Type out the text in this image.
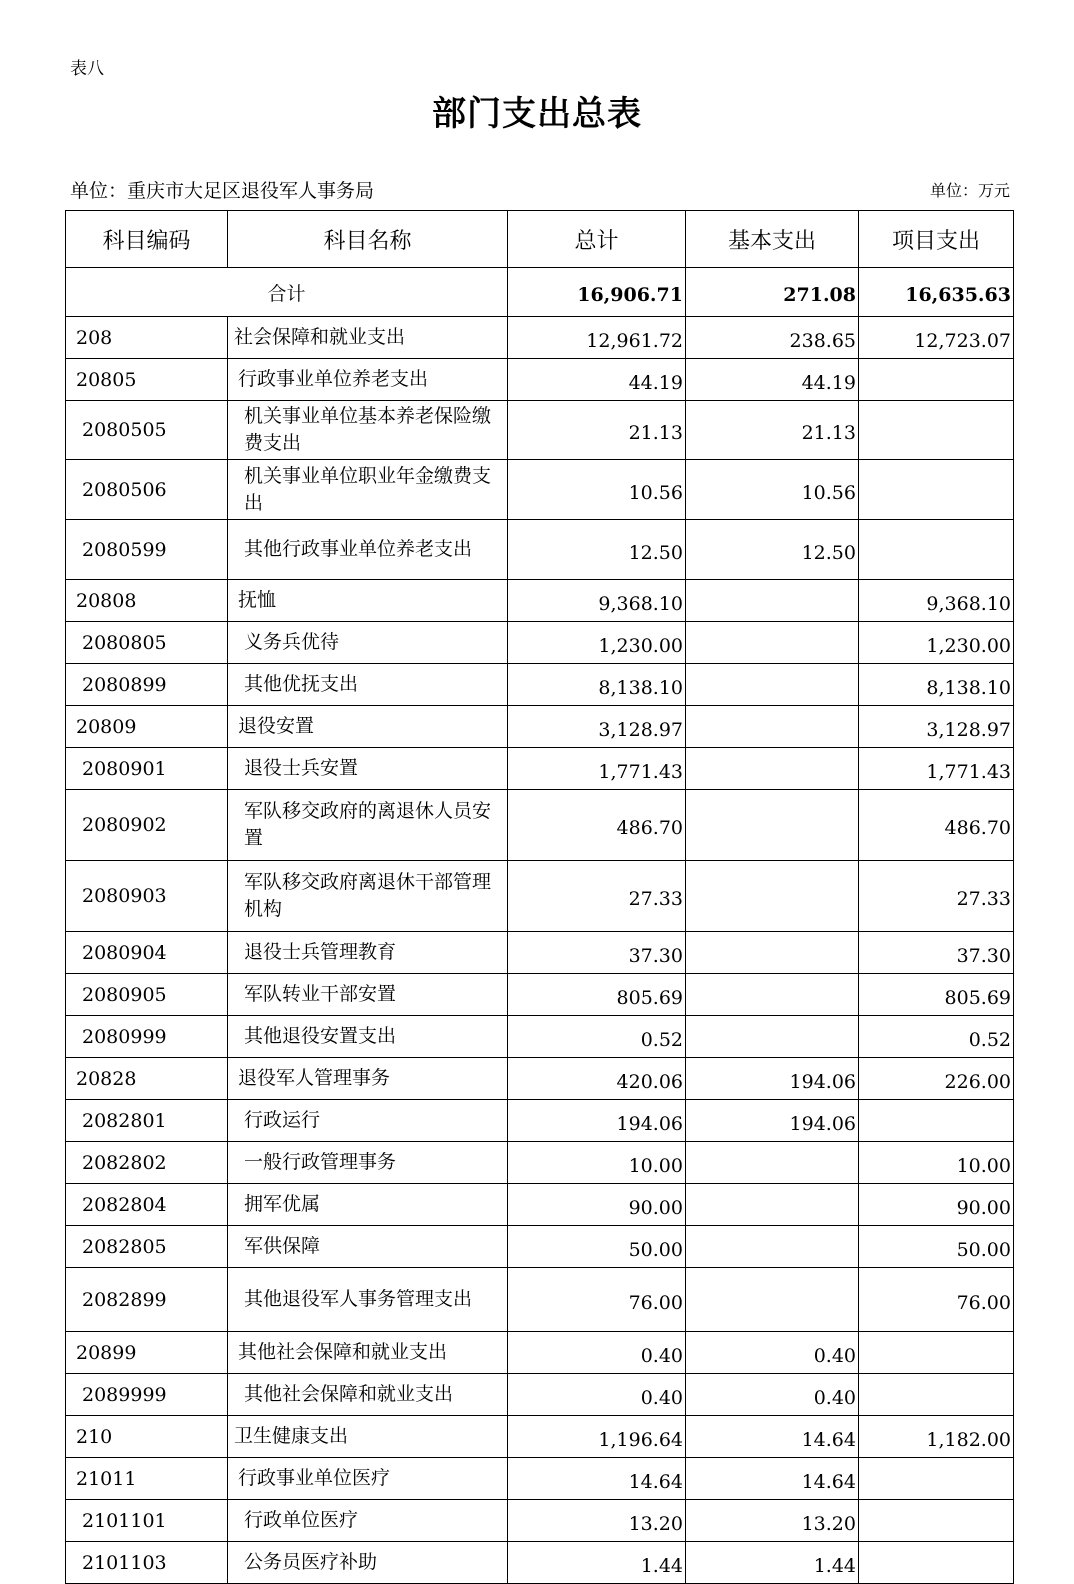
表八
部门支出总表
单位：重庆市大足区退役军人事务局	单位：万元
科目编码	科目名称	总计	基本支出	项目支出
合计		16,906.71	271.08	16,635.63
208	社会保障和就业支出	12,961.72	238.65	12,723.07
20805	行政事业单位养老支出	44.19	44.19	
2080505	机关事业单位基本养老保险缴费支出	21.13	21.13	
2080506	机关事业单位职业年金缴费支出	10.56	10.56	
2080599	其他行政事业单位养老支出	12.50	12.50	
20808	抚恤	9,368.10		9,368.10
2080805	义务兵优待	1,230.00		1,230.00
2080899	其他优抚支出	8,138.10		8,138.10
20809	退役安置	3,128.97		3,128.97
2080901	退役士兵安置	1,771.43		1,771.43
2080902	军队移交政府的离退休人员安置	486.70		486.70
2080903	军队移交政府离退休干部管理机构	27.33		27.33
2080904	退役士兵管理教育	37.30		37.30
2080905	军队转业干部安置	805.69		805.69
2080999	其他退役安置支出	0.52		0.52
20828	退役军人管理事务	420.06	194.06	226.00
2082801	行政运行	194.06	194.06	
2082802	一般行政管理事务	10.00		10.00
2082804	拥军优属	90.00		90.00
2082805	军供保障	50.00		50.00
2082899	其他退役军人事务管理支出	76.00		76.00
20899	其他社会保障和就业支出	0.40	0.40	
2089999	其他社会保障和就业支出	0.40	0.40	
210	卫生健康支出	1,196.64	14.64	1,182.00
21011	行政事业单位医疗	14.64	14.64	
2101101	行政单位医疗	13.20	13.20	
2101103	公务员医疗补助	1.44	1.44	
